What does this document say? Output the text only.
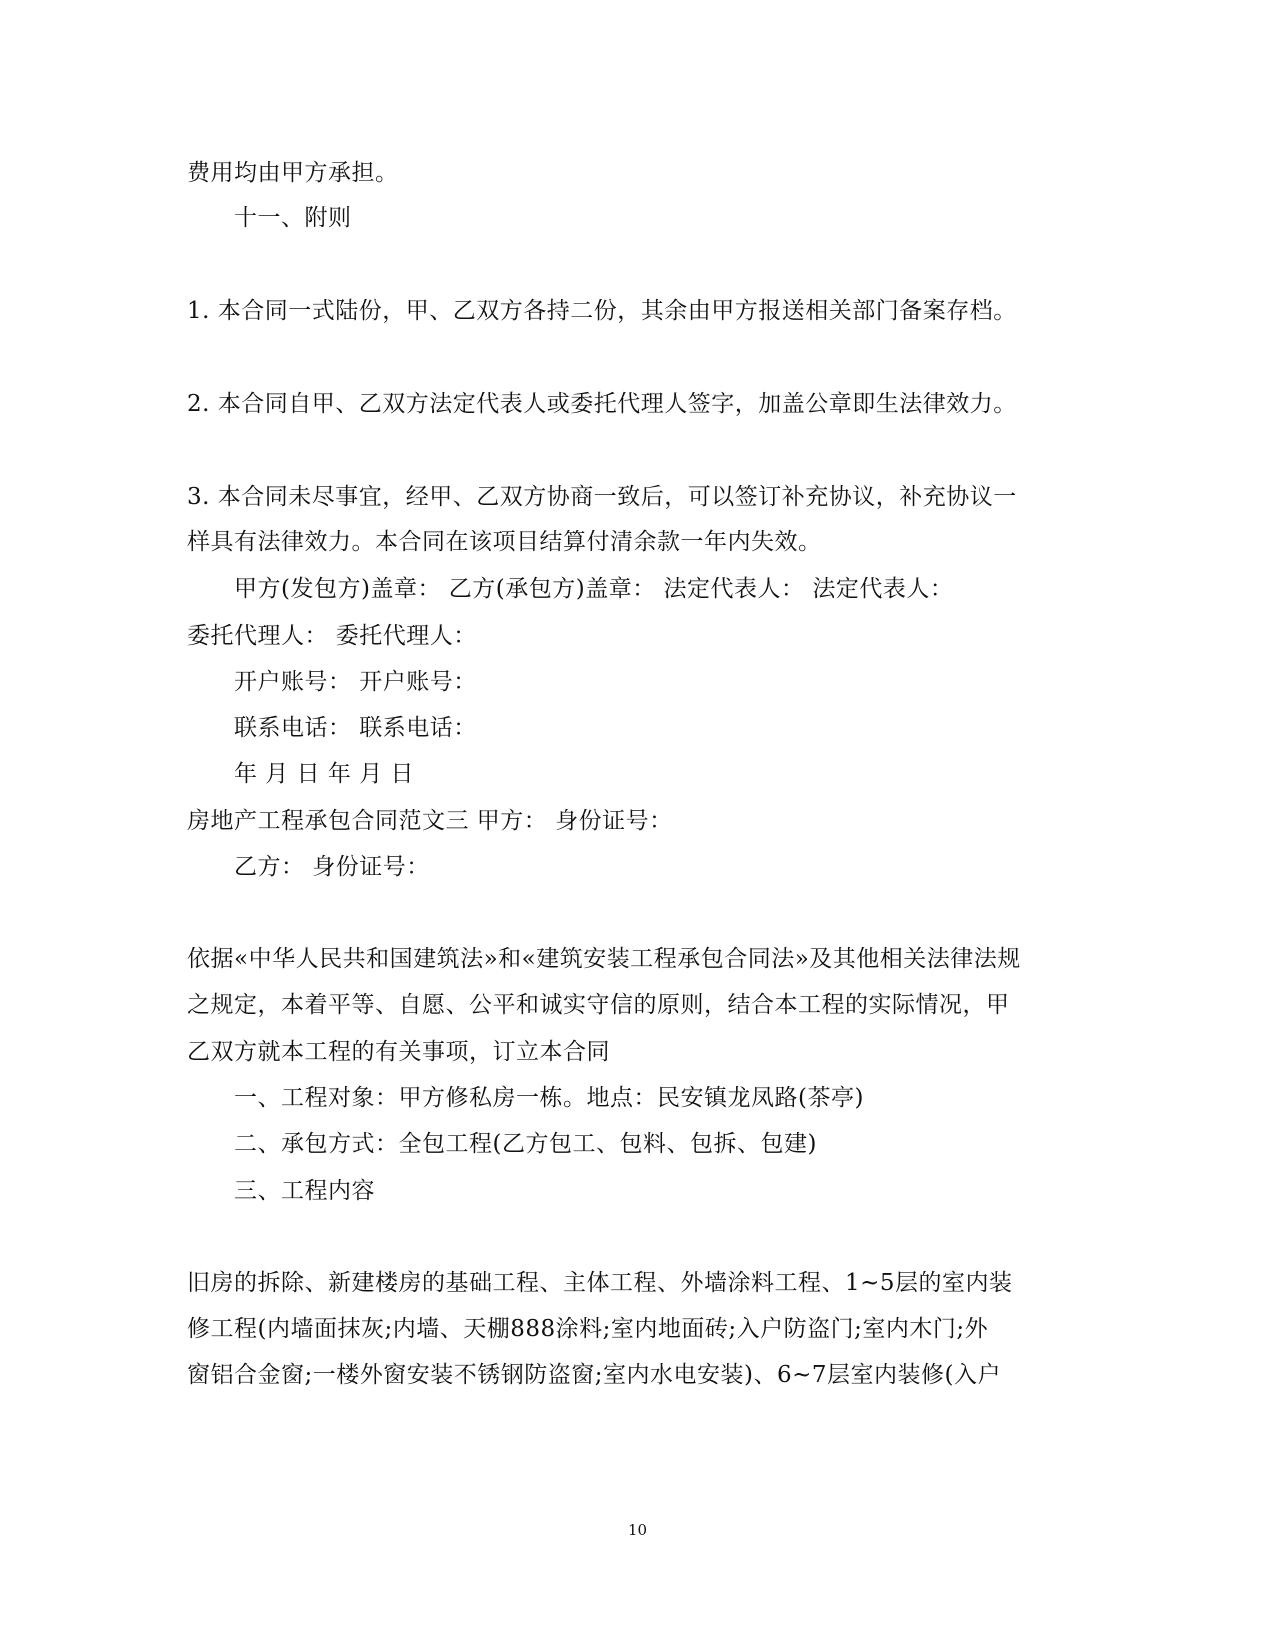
费用均由甲方承担。
十一、附则
1. 本合同一式陆份，甲、乙双方各持二份，其余由甲方报送相关部门备案存档。
2. 本合同自甲、乙双方法定代表人或委托代理人签字，加盖公章即生法律效力。
3. 本合同未尽事宜，经甲、乙双方协商一致后，可以签订补充协议，补充协议一
样具有法律效力。本合同在该项目结算付清余款一年内失效。
甲方(发包方)盖章： 乙方(承包方)盖章： 法定代表人： 法定代表人：
委托代理人： 委托代理人：
开户账号： 开户账号：
联系电话： 联系电话：
年 月 日 年 月 日
房地产工程承包合同范文三 甲方： 身份证号：
乙方： 身份证号：
依据«中华人民共和国建筑法»和«建筑安装工程承包合同法»及其他相关法律法规
之规定，本着平等、自愿、公平和诚实守信的原则，结合本工程的实际情况，甲
乙双方就本工程的有关事项，订立本合同
一、工程对象：甲方修私房一栋。地点：民安镇龙凤路(茶亭)
二、承包方式：全包工程(乙方包工、包料、包拆、包建)
三、工程内容
旧房的拆除、新建楼房的基础工程、主体工程、外墙涂料工程、1~5层的室内装
修工程(内墙面抹灰;内墙、天棚888涂料;室内地面砖;入户防盗门;室内木门;外
窗铝合金窗;一楼外窗安装不锈钢防盗窗;室内水电安装)、6~7层室内装修(入户
10
